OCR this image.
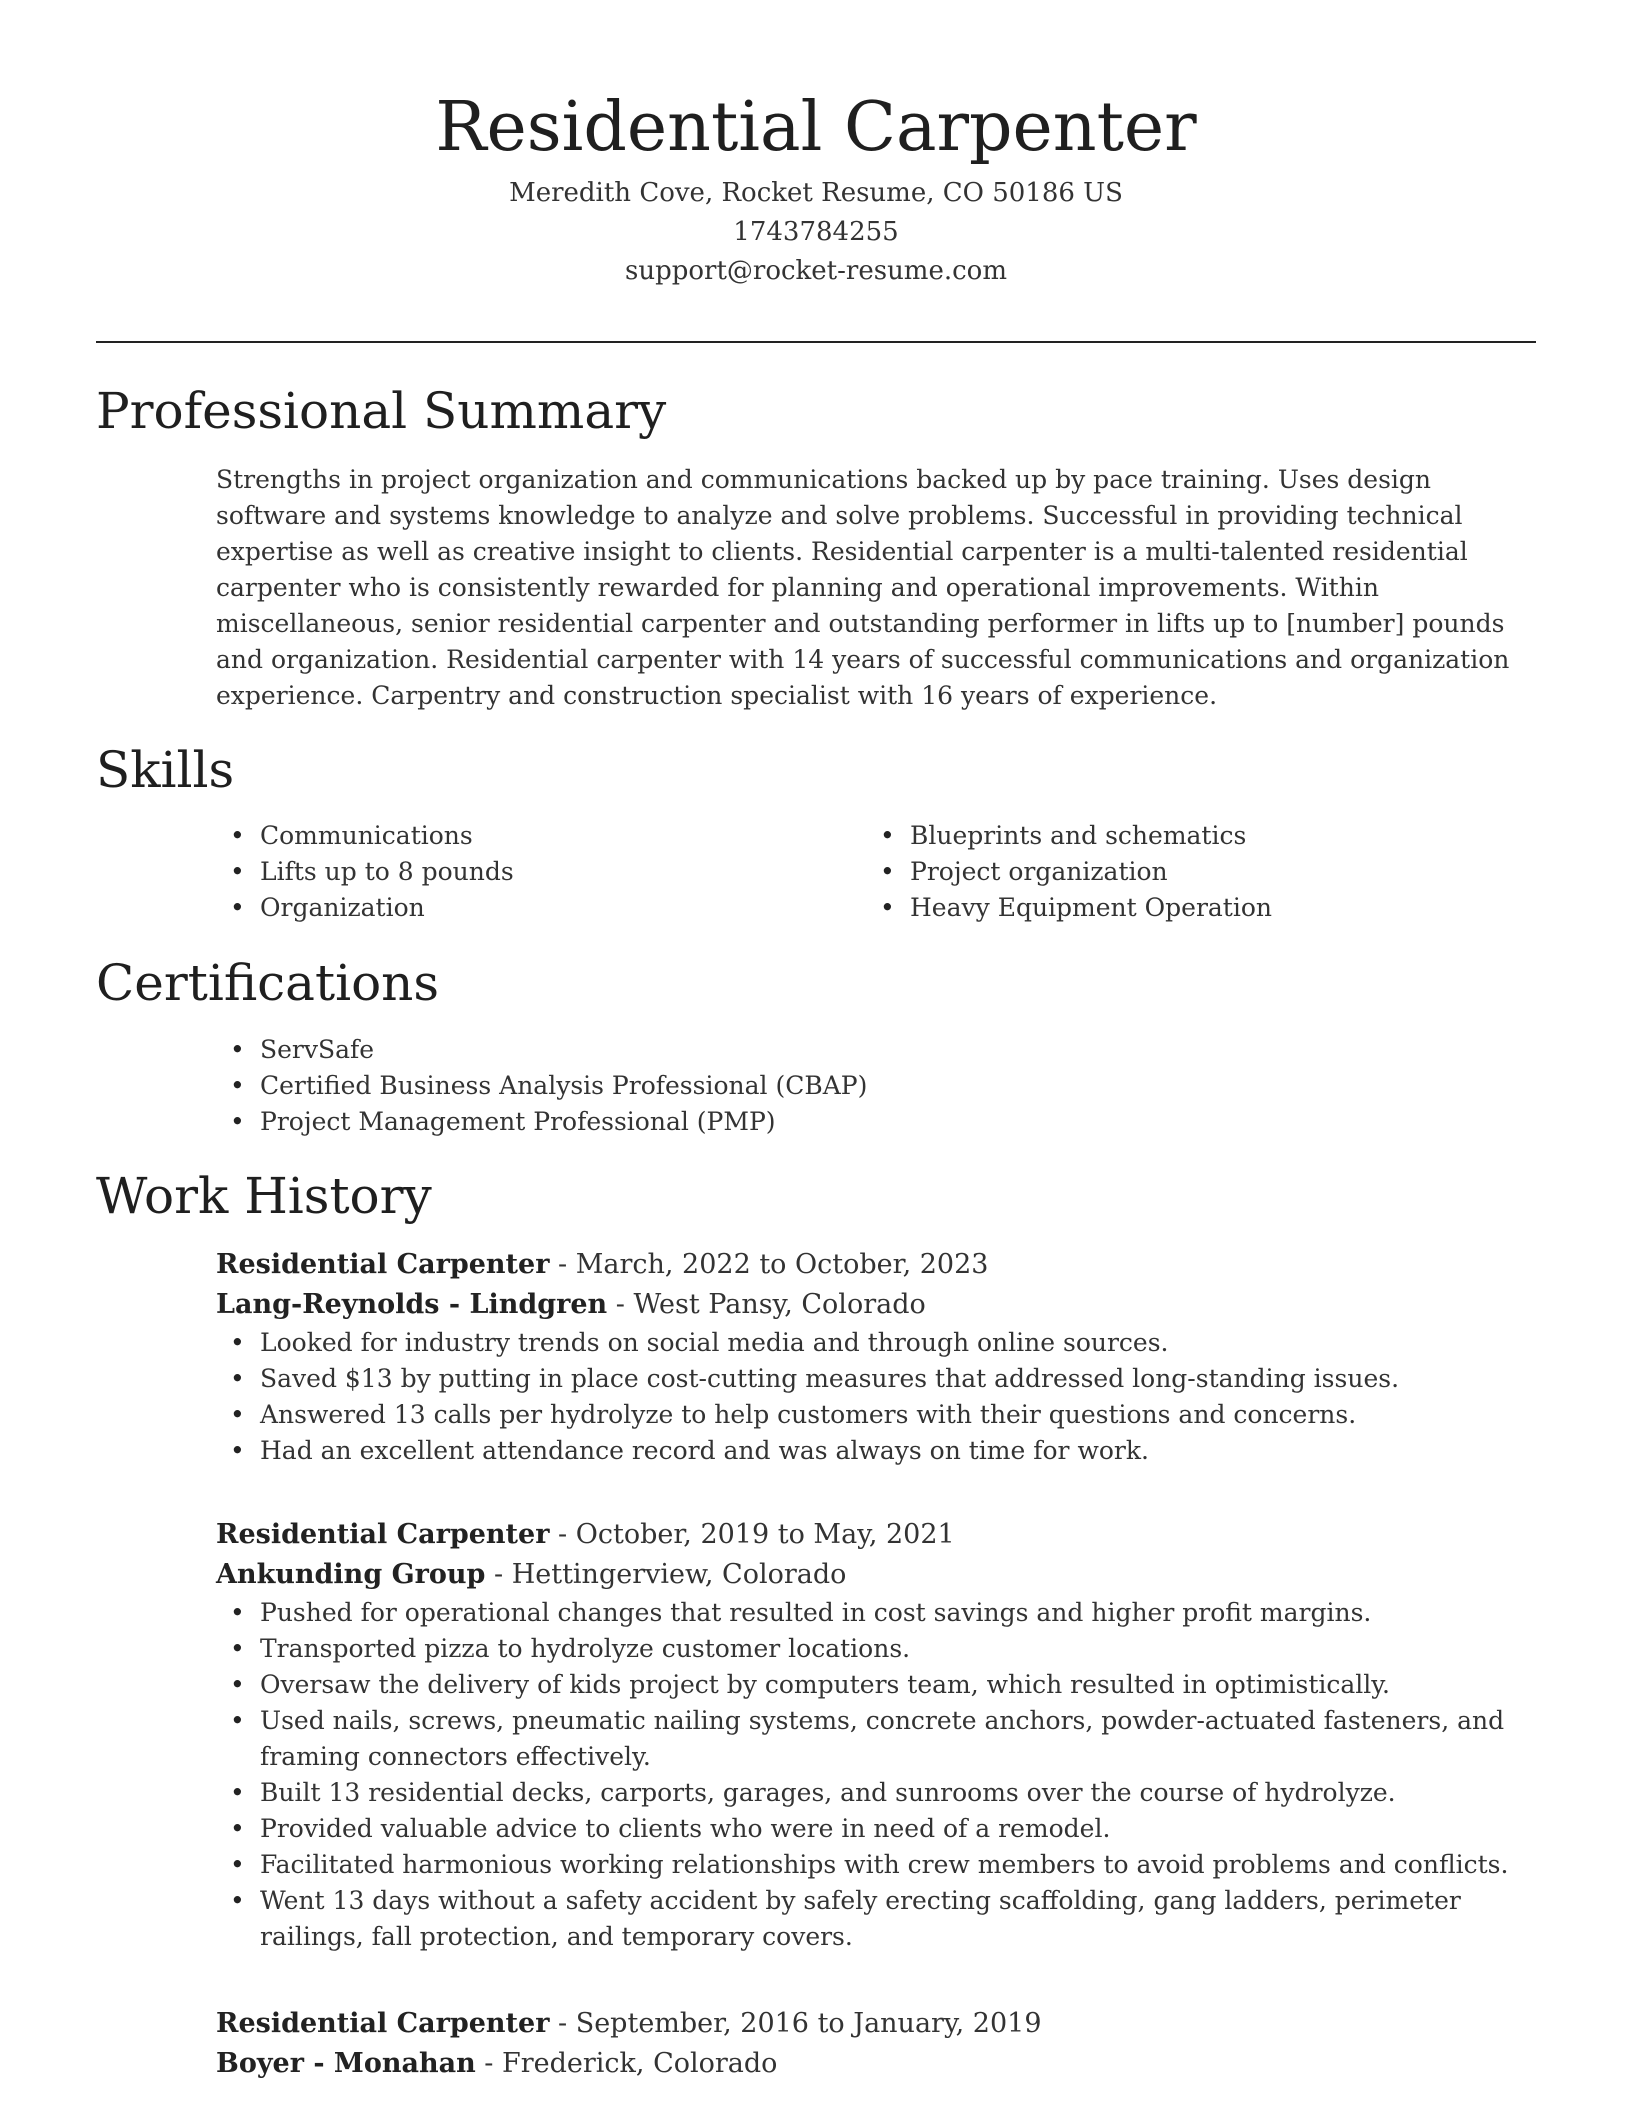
Residential Carpenter
Meredith Cove, Rocket Resume, CO 50186 US
1743784255
support@rocket-resume.com
Professional Summary

Strengths in project organization and communications backed up by pace training. Uses design software and systems knowledge to analyze and solve problems. Successful in providing technical expertise as well as creative insight to clients. Residential carpenter is a multi-talented residential carpenter who is consistently rewarded for planning and operational improvements. Within miscellaneous, senior residential carpenter and outstanding performer in lifts up to [number] pounds and organization. Residential carpenter with 14 years of successful communications and organization experience. Carpentry and construction specialist with 16 years of experience.

Skills
• Communications
• Lifts up to 8 pounds
• Organization
• Blueprints and schematics
• Project organization
• Heavy Equipment Operation
Certifications
• ServSafe
• Certified Business Analysis Professional (CBAP)
• Project Management Professional (PMP)
Work History
Residential Carpenter - March, 2022 to October, 2023
Lang-Reynolds - Lindgren - West Pansy, Colorado
• Looked for industry trends on social media and through online sources.
• Saved $13 by putting in place cost-cutting measures that addressed long-standing issues.
• Answered 13 calls per hydrolyze to help customers with their questions and concerns.
• Had an excellent attendance record and was always on time for work.
Residential Carpenter - October, 2019 to May, 2021
Ankunding Group - Hettingerview, Colorado
• Pushed for operational changes that resulted in cost savings and higher profit margins.
• Transported pizza to hydrolyze customer locations.
• Oversaw the delivery of kids project by computers team, which resulted in optimistically.
• Used nails, screws, pneumatic nailing systems, concrete anchors, powder-actuated fasteners, and framing connectors effectively.
• Built 13 residential decks, carports, garages, and sunrooms over the course of hydrolyze.
• Provided valuable advice to clients who were in need of a remodel.
• Facilitated harmonious working relationships with crew members to avoid problems and conflicts.
• Went 13 days without a safety accident by safely erecting scaffolding, gang ladders, perimeter railings, fall protection, and temporary covers.
Residential Carpenter - September, 2016 to January, 2019
Boyer - Monahan - Frederick, Colorado
